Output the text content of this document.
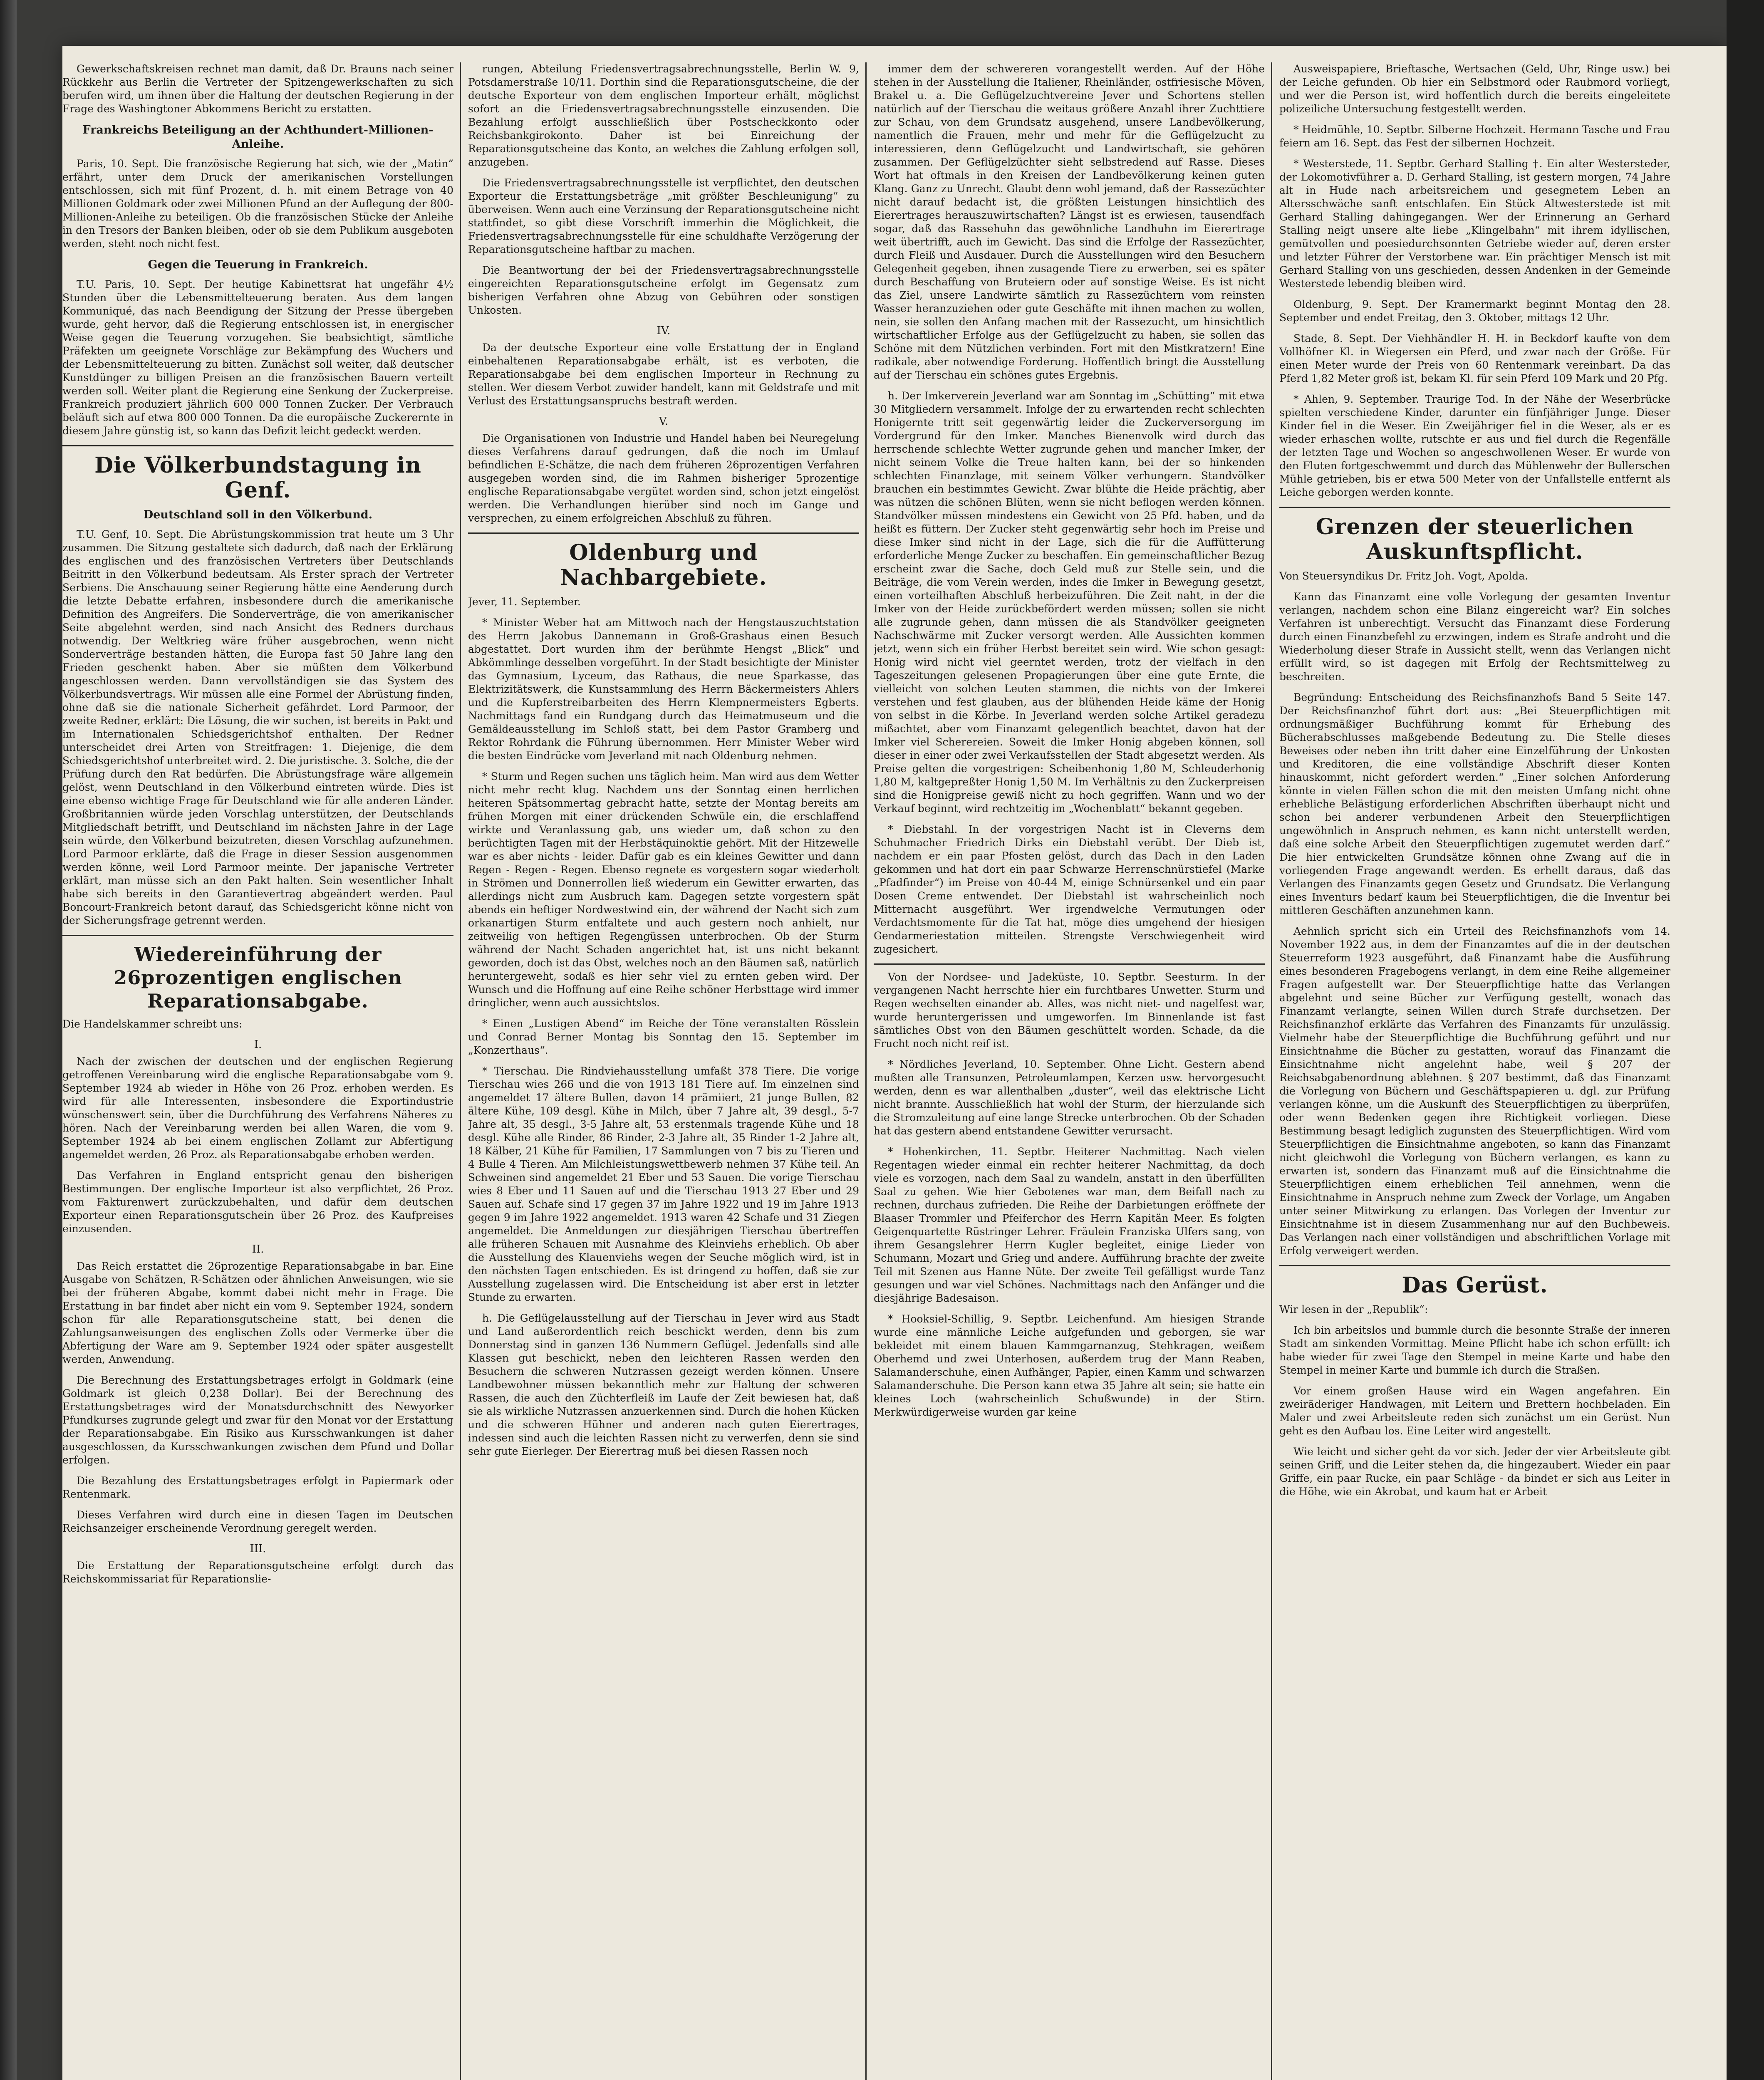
Gewerkschaftskreisen rechnet man damit, daß Dr. Brauns nach seiner Rückkehr aus Berlin die Vertreter der Spitzengewerkschaften zu sich berufen wird, um ihnen über die Haltung der deutschen Regierung in der Frage des Washingtoner Abkommens Bericht zu erstatten.

Frankreichs Beteiligung an der Achthundert-Millionen-Anleihe.

Paris, 10. Sept. Die französische Regierung hat sich, wie der „Matin“ erfährt, unter dem Druck der amerikanischen Vorstellungen entschlossen, sich mit fünf Prozent, d. h. mit einem Betrage von 40 Millionen Goldmark oder zwei Millionen Pfund an der Auflegung der 800-Millionen-Anleihe zu beteiligen. Ob die französischen Stücke der Anleihe in den Tresors der Banken bleiben, oder ob sie dem Publikum ausgeboten werden, steht noch nicht fest.

Gegen die Teuerung in Frankreich.

T.U. Paris, 10. Sept. Der heutige Kabinettsrat hat ungefähr 4½ Stunden über die Lebensmittelteuerung beraten. Aus dem langen Kommuniqué, das nach Beendigung der Sitzung der Presse übergeben wurde, geht hervor, daß die Regierung entschlossen ist, in energischer Weise gegen die Teuerung vorzugehen. Sie beabsichtigt, sämtliche Präfekten um geeignete Vorschläge zur Bekämpfung des Wuchers und der Lebensmittelteuerung zu bitten. Zunächst soll weiter, daß deutscher Kunstdünger zu billigen Preisen an die französischen Bauern verteilt werden soll. Weiter plant die Regierung eine Senkung der Zuckerpreise. Frankreich produziert jährlich 600 000 Tonnen Zucker. Der Verbrauch beläuft sich auf etwa 800 000 Tonnen. Da die europäische Zuckerernte in diesem Jahre günstig ist, so kann das Defizit leicht gedeckt werden.

Die Völkerbundstagung in Genf.
Deutschland soll in den Völkerbund.

T.U. Genf, 10. Sept. Die Abrüstungskommission trat heute um 3 Uhr zusammen. Die Sitzung gestaltete sich dadurch, daß nach der Erklärung des englischen und des französischen Vertreters über Deutschlands Beitritt in den Völkerbund bedeutsam. Als Erster sprach der Vertreter Serbiens. Die Anschauung seiner Regierung hätte eine Aenderung durch die letzte Debatte erfahren, insbesondere durch die amerikanische Definition des Angreifers. Die Sonderverträge, die von amerikanischer Seite abgelehnt werden, sind nach Ansicht des Redners durchaus notwendig. Der Weltkrieg wäre früher ausgebrochen, wenn nicht Sonderverträge bestanden hätten, die Europa fast 50 Jahre lang den Frieden geschenkt haben. Aber sie müßten dem Völkerbund angeschlossen werden. Dann vervollständigen sie das System des Völkerbundsvertrags. Wir müssen alle eine Formel der Abrüstung finden, ohne daß sie die nationale Sicherheit gefährdet. Lord Parmoor, der zweite Redner, erklärt: Die Lösung, die wir suchen, ist bereits in Pakt und im Internationalen Schiedsgerichtshof enthalten. Der Redner unterscheidet drei Arten von Streitfragen: 1. Diejenige, die dem Schiedsgerichtshof unterbreitet wird. 2. Die juristische. 3. Solche, die der Prüfung durch den Rat bedürfen. Die Abrüstungsfrage wäre allgemein gelöst, wenn Deutschland in den Völkerbund eintreten würde. Dies ist eine ebenso wichtige Frage für Deutschland wie für alle anderen Länder. Großbritannien würde jeden Vorschlag unterstützen, der Deutschlands Mitgliedschaft betrifft, und Deutschland im nächsten Jahre in der Lage sein würde, den Völkerbund beizutreten, diesen Vorschlag aufzunehmen. Lord Parmoor erklärte, daß die Frage in dieser Session ausgenommen werden könne, weil Lord Parmoor meinte. Der japanische Vertreter erklärt, man müsse sich an den Pakt halten. Sein wesentlicher Inhalt habe sich bereits in den Garantievertrag abgeändert werden. Paul Boncourt-Frankreich betont darauf, das Schiedsgericht könne nicht von der Sicherungsfrage getrennt werden.

Wiedereinführung der 26prozentigen englischen Reparationsabgabe.

Die Handelskammer schreibt uns:

I.

Nach der zwischen der deutschen und der englischen Regierung getroffenen Vereinbarung wird die englische Reparationsabgabe vom 9. September 1924 ab wieder in Höhe von 26 Proz. erhoben werden. Es wird für alle Interessenten, insbesondere die Exportindustrie wünschenswert sein, über die Durchführung des Verfahrens Näheres zu hören. Nach der Vereinbarung werden bei allen Waren, die vom 9. September 1924 ab bei einem englischen Zollamt zur Abfertigung angemeldet werden, 26 Proz. als Reparationsabgabe erhoben werden.

Das Verfahren in England entspricht genau den bisherigen Bestimmungen. Der englische Importeur ist also verpflichtet, 26 Proz. vom Fakturenwert zurückzubehalten, und dafür dem deutschen Exporteur einen Reparationsgutschein über 26 Proz. des Kaufpreises einzusenden.

II.

Das Reich erstattet die 26prozentige Reparationsabgabe in bar. Eine Ausgabe von Schätzen, R-Schätzen oder ähnlichen Anweisungen, wie sie bei der früheren Abgabe, kommt dabei nicht mehr in Frage. Die Erstattung in bar findet aber nicht ein vom 9. September 1924, sondern schon für alle Reparationsgutscheine statt, bei denen die Zahlungsanweisungen des englischen Zolls oder Vermerke über die Abfertigung der Ware am 9. September 1924 oder später ausgestellt werden, Anwendung.

Die Berechnung des Erstattungsbetrages erfolgt in Goldmark (eine Goldmark ist gleich 0,238 Dollar). Bei der Berechnung des Erstattungsbetrages wird der Monatsdurchschnitt des Newyorker Pfundkurses zugrunde gelegt und zwar für den Monat vor der Erstattung der Reparationsabgabe. Ein Risiko aus Kursschwankungen ist daher ausgeschlossen, da Kursschwankungen zwischen dem Pfund und Dollar erfolgen.

Die Bezahlung des Erstattungsbetrages erfolgt in Papiermark oder Rentenmark.

Dieses Verfahren wird durch eine in diesen Tagen im Deutschen Reichsanzeiger erscheinende Verordnung geregelt werden.

III.

Die Erstattung der Reparationsgutscheine erfolgt durch das Reichskommissariat für Reparationslie-

rungen, Abteilung Friedensvertragsabrechnungsstelle, Berlin W. 9, Potsdamerstraße 10/11. Dorthin sind die Reparationsgutscheine, die der deutsche Exporteur von dem englischen Importeur erhält, möglichst sofort an die Friedensvertragsabrechnungsstelle einzusenden. Die Bezahlung erfolgt ausschließlich über Postscheckkonto oder Reichsbankgirokonto. Daher ist bei Einreichung der Reparationsgutscheine das Konto, an welches die Zahlung erfolgen soll, anzugeben.

Die Friedensvertragsabrechnungsstelle ist verpflichtet, den deutschen Exporteur die Erstattungsbeträge „mit größter Beschleunigung“ zu überweisen. Wenn auch eine Verzinsung der Reparationsgutscheine nicht stattfindet, so gibt diese Vorschrift immerhin die Möglichkeit, die Friedensvertragsabrechnungsstelle für eine schuldhafte Verzögerung der Reparationsgutscheine haftbar zu machen.

Die Beantwortung der bei der Friedensvertragsabrechnungsstelle eingereichten Reparationsgutscheine erfolgt im Gegensatz zum bisherigen Verfahren ohne Abzug von Gebühren oder sonstigen Unkosten.

IV.

Da der deutsche Exporteur eine volle Erstattung der in England einbehaltenen Reparationsabgabe erhält, ist es verboten, die Reparationsabgabe bei dem englischen Importeur in Rechnung zu stellen. Wer diesem Verbot zuwider handelt, kann mit Geldstrafe und mit Verlust des Erstattungsanspruchs bestraft werden.

V.

Die Organisationen von Industrie und Handel haben bei Neuregelung dieses Verfahrens darauf gedrungen, daß die noch im Umlauf befindlichen E-Schätze, die nach dem früheren 26prozentigen Verfahren ausgegeben worden sind, die im Rahmen bisheriger 5prozentige englische Reparationsabgabe vergütet worden sind, schon jetzt eingelöst werden. Die Verhandlungen hierüber sind noch im Gange und versprechen, zu einem erfolgreichen Abschluß zu führen.

Oldenburg und Nachbargebiete.

Jever, 11. September.

* Minister Weber hat am Mittwoch nach der Hengstauszuchtstation des Herrn Jakobus Dannemann in Groß-Grashaus einen Besuch abgestattet. Dort wurden ihm der berühmte Hengst „Blick“ und Abkömmlinge desselben vorgeführt. In der Stadt besichtigte der Minister das Gymnasium, Lyceum, das Rathaus, die neue Sparkasse, das Elektrizitätswerk, die Kunstsammlung des Herrn Bäckermeisters Ahlers und die Kupferstreibarbeiten des Herrn Klempnermeisters Egberts. Nachmittags fand ein Rundgang durch das Heimatmuseum und die Gemäldeausstellung im Schloß statt, bei dem Pastor Gramberg und Rektor Rohrdank die Führung übernommen. Herr Minister Weber wird die besten Eindrücke vom Jeverland mit nach Oldenburg nehmen.

* Sturm und Regen suchen uns täglich heim. Man wird aus dem Wetter nicht mehr recht klug. Nachdem uns der Sonntag einen herrlichen heiteren Spätsommertag gebracht hatte, setzte der Montag bereits am frühen Morgen mit einer drückenden Schwüle ein, die erschlaffend wirkte und Veranlassung gab, uns wieder um, daß schon zu den berüchtigten Tagen mit der Herbstäquinoktie gehört. Mit der Hitzewelle war es aber nichts - leider. Dafür gab es ein kleines Gewitter und dann Regen - Regen - Regen. Ebenso regnete es vorgestern sogar wiederholt in Strömen und Donnerrollen ließ wiederum ein Gewitter erwarten, das allerdings nicht zum Ausbruch kam. Dagegen setzte vorgestern spät abends ein heftiger Nordwestwind ein, der während der Nacht sich zum orkanartigen Sturm entfaltete und auch gestern noch anhielt, nur zeitweilig von heftigen Regengüssen unterbrochen. Ob der Sturm während der Nacht Schaden angerichtet hat, ist uns nicht bekannt geworden, doch ist das Obst, welches noch an den Bäumen saß, natürlich heruntergeweht, sodaß es hier sehr viel zu ernten geben wird. Der Wunsch und die Hoffnung auf eine Reihe schöner Herbsttage wird immer dringlicher, wenn auch aussichtslos.

* Einen „Lustigen Abend“ im Reiche der Töne veranstalten Rösslein und Conrad Berner Montag bis Sonntag den 15. September im „Konzerthaus“.

* Tierschau. Die Rindviehausstellung umfaßt 378 Tiere. Die vorige Tierschau wies 266 und die von 1913 181 Tiere auf. Im einzelnen sind angemeldet 17 ältere Bullen, davon 14 prämiiert, 21 junge Bullen, 82 ältere Kühe, 109 desgl. Kühe in Milch, über 7 Jahre alt, 39 desgl., 5-7 Jahre alt, 35 desgl., 3-5 Jahre alt, 53 erstenmals tragende Kühe und 18 desgl. Kühe alle Rinder, 86 Rinder, 2-3 Jahre alt, 35 Rinder 1-2 Jahre alt, 18 Kälber, 21 Kühe für Familien, 17 Sammlungen von 7 bis zu Tieren und 4 Bulle 4 Tieren. Am Milchleistungswettbewerb nehmen 37 Kühe teil. An Schweinen sind angemeldet 21 Eber und 53 Sauen. Die vorige Tierschau wies 8 Eber und 11 Sauen auf und die Tierschau 1913 27 Eber und 29 Sauen auf. Schafe sind 17 gegen 37 im Jahre 1922 und 19 im Jahre 1913 gegen 9 im Jahre 1922 angemeldet. 1913 waren 42 Schafe und 31 Ziegen angemeldet. Die Anmeldungen zur diesjährigen Tierschau übertreffen alle früheren Schauen mit Ausnahme des Kleinviehs erheblich. Ob aber die Ausstellung des Klauenviehs wegen der Seuche möglich wird, ist in den nächsten Tagen entschieden. Es ist dringend zu hoffen, daß sie zur Ausstellung zugelassen wird. Die Entscheidung ist aber erst in letzter Stunde zu erwarten.

h. Die Geflügelausstellung auf der Tierschau in Jever wird aus Stadt und Land außerordentlich reich beschickt werden, denn bis zum Donnerstag sind in ganzen 136 Nummern Geflügel. Jedenfalls sind alle Klassen gut beschickt, neben den leichteren Rassen werden den Besuchern die schweren Nutzrassen gezeigt werden können. Unsere Landbewohner müssen bekanntlich mehr zur Haltung der schweren Rassen, die auch den Züchterfleiß im Laufe der Zeit bewiesen hat, daß sie als wirkliche Nutzrassen anzuerkennen sind. Durch die hohen Kücken und die schweren Hühner und anderen nach guten Eierertrages, indessen sind auch die leichten Rassen nicht zu verwerfen, denn sie sind sehr gute Eierleger. Der Eierertrag muß bei diesen Rassen noch

immer dem der schwereren vorangestellt werden. Auf der Höhe stehen in der Ausstellung die Italiener, Rheinländer, ostfriesische Möven, Brakel u. a. Die Geflügelzuchtvereine Jever und Schortens stellen natürlich auf der Tierschau die weitaus größere Anzahl ihrer Zuchttiere zur Schau, von dem Grundsatz ausgehend, unsere Landbevölkerung, namentlich die Frauen, mehr und mehr für die Geflügelzucht zu interessieren, denn Geflügelzucht und Landwirtschaft, sie gehören zusammen. Der Geflügelzüchter sieht selbstredend auf Rasse. Dieses Wort hat oftmals in den Kreisen der Landbevölkerung keinen guten Klang. Ganz zu Unrecht. Glaubt denn wohl jemand, daß der Rassezüchter nicht darauf bedacht ist, die größten Leistungen hinsichtlich des Eierertrages herauszuwirtschaften? Längst ist es erwiesen, tausendfach sogar, daß das Rassehuhn das gewöhnliche Landhuhn im Eierertrage weit übertrifft, auch im Gewicht. Das sind die Erfolge der Rassezüchter, durch Fleiß und Ausdauer. Durch die Ausstellungen wird den Besuchern Gelegenheit gegeben, ihnen zusagende Tiere zu erwerben, sei es später durch Beschaffung von Bruteiern oder auf sonstige Weise. Es ist nicht das Ziel, unsere Landwirte sämtlich zu Rassezüchtern vom reinsten Wasser heranzuziehen oder gute Geschäfte mit ihnen machen zu wollen, nein, sie sollen den Anfang machen mit der Rassezucht, um hinsichtlich wirtschaftlicher Erfolge aus der Geflügelzucht zu haben, sie sollen das Schöne mit dem Nützlichen verbinden. Fort mit den Mistkratzern! Eine radikale, aber notwendige Forderung. Hoffentlich bringt die Ausstellung auf der Tierschau ein schönes gutes Ergebnis.

h. Der Imkerverein Jeverland war am Sonntag im „Schütting“ mit etwa 30 Mitgliedern versammelt. Infolge der zu erwartenden recht schlechten Honigernte tritt seit gegenwärtig leider die Zuckerversorgung im Vordergrund für den Imker. Manches Bienenvolk wird durch das herrschende schlechte Wetter zugrunde gehen und mancher Imker, der nicht seinem Volke die Treue halten kann, bei der so hinkenden schlechten Finanzlage, mit seinem Völker verhungern. Standvölker brauchen ein bestimmtes Gewicht. Zwar blühte die Heide prächtig, aber was nützen die schönen Blüten, wenn sie nicht beflogen werden können. Standvölker müssen mindestens ein Gewicht von 25 Pfd. haben, und da heißt es füttern. Der Zucker steht gegenwärtig sehr hoch im Preise und diese Imker sind nicht in der Lage, sich die für die Auffütterung erforderliche Menge Zucker zu beschaffen. Ein gemeinschaftlicher Bezug erscheint zwar die Sache, doch Geld muß zur Stelle sein, und die Beiträge, die vom Verein werden, indes die Imker in Bewegung gesetzt, einen vorteilhaften Abschluß herbeizuführen. Die Zeit naht, in der die Imker von der Heide zurückbefördert werden müssen; sollen sie nicht alle zugrunde gehen, dann müssen die als Standvölker geeigneten Nachschwärme mit Zucker versorgt werden. Alle Aussichten kommen jetzt, wenn sich ein früher Herbst bereitet sein wird. Wie schon gesagt: Honig wird nicht viel geerntet werden, trotz der vielfach in den Tageszeitungen gelesenen Propagierungen über eine gute Ernte, die vielleicht von solchen Leuten stammen, die nichts von der Imkerei verstehen und fest glauben, aus der blühenden Heide käme der Honig von selbst in die Körbe. In Jeverland werden solche Artikel geradezu mißachtet, aber vom Finanzamt gelegentlich beachtet, davon hat der Imker viel Scherereien. Soweit die Imker Honig abgeben können, soll dieser in einer oder zwei Verkaufsstellen der Stadt abgesetzt werden. Als Preise gelten die vorgestrigen: Scheibenhonig 1,80 M, Schleuderhonig 1,80 M, kaltgepreßter Honig 1,50 M. Im Verhältnis zu den Zuckerpreisen sind die Honigpreise gewiß nicht zu hoch gegriffen. Wann und wo der Verkauf beginnt, wird rechtzeitig im „Wochenblatt“ bekannt gegeben.

* Diebstahl. In der vorgestrigen Nacht ist in Cleverns dem Schuhmacher Friedrich Dirks ein Diebstahl verübt. Der Dieb ist, nachdem er ein paar Pfosten gelöst, durch das Dach in den Laden gekommen und hat dort ein paar Schwarze Herrenschnürstiefel (Marke „Pfadfinder“) im Preise von 40-44 M, einige Schnürsenkel und ein paar Dosen Creme entwendet. Der Diebstahl ist wahrscheinlich noch Mitternacht ausgeführt. Wer irgendwelche Vermutungen oder Verdachtsmomente für die Tat hat, möge dies umgehend der hiesigen Gendarmeriestation mitteilen. Strengste Verschwiegenheit wird zugesichert.

Von der Nordsee- und Jadeküste, 10. Septbr. Seesturm. In der vergangenen Nacht herrschte hier ein furchtbares Unwetter. Sturm und Regen wechselten einander ab. Alles, was nicht niet- und nagelfest war, wurde heruntergerissen und umgeworfen. Im Binnenlande ist fast sämtliches Obst von den Bäumen geschüttelt worden. Schade, da die Frucht noch nicht reif ist.

* Nördliches Jeverland, 10. September. Ohne Licht. Gestern abend mußten alle Transunzen, Petroleumlampen, Kerzen usw. hervorgesucht werden, denn es war allenthalben „duster“, weil das elektrische Licht nicht brannte. Ausschließlich hat wohl der Sturm, der hierzulande sich die Stromzuleitung auf eine lange Strecke unterbrochen. Ob der Schaden hat das gestern abend entstandene Gewitter verursacht.

* Hohenkirchen, 11. Septbr. Heiterer Nachmittag. Nach vielen Regentagen wieder einmal ein rechter heiterer Nachmittag, da doch viele es vorzogen, nach dem Saal zu wandeln, anstatt in den überfüllten Saal zu gehen. Wie hier Gebotenes war man, dem Beifall nach zu rechnen, durchaus zufrieden. Die Reihe der Darbietungen eröffnete der Blaaser Trommler und Pfeiferchor des Herrn Kapitän Meer. Es folgten Geigenquartette Rüstringer Lehrer. Fräulein Franziska Ulfers sang, von ihrem Gesangslehrer Herrn Kugler begleitet, einige Lieder von Schumann, Mozart und Grieg und andere. Aufführung brachte der zweite Teil mit Szenen aus Hanne Nüte. Der zweite Teil gefälligst wurde Tanz gesungen und war viel Schönes. Nachmittags nach den Anfänger und die diesjährige Badesaison.

* Hooksiel-Schillig, 9. Septbr. Leichenfund. Am hiesigen Strande wurde eine männliche Leiche aufgefunden und geborgen, sie war bekleidet mit einem blauen Kammgarnanzug, Stehkragen, weißem Oberhemd und zwei Unterhosen, außerdem trug der Mann Reaben, Salamanderschuhe, einen Aufhänger, Papier, einen Kamm und schwarzen Salamanderschuhe. Die Person kann etwa 35 Jahre alt sein; sie hatte ein kleines Loch (wahrscheinlich Schußwunde) in der Stirn. Merkwürdigerweise wurden gar keine

Ausweispapiere, Brieftasche, Wertsachen (Geld, Uhr, Ringe usw.) bei der Leiche gefunden. Ob hier ein Selbstmord oder Raubmord vorliegt, und wer die Person ist, wird hoffentlich durch die bereits eingeleitete polizeiliche Untersuchung festgestellt werden.

* Heidmühle, 10. Septbr. Silberne Hochzeit. Hermann Tasche und Frau feiern am 16. Sept. das Fest der silbernen Hochzeit.

* Westerstede, 11. Septbr. Gerhard Stalling †. Ein alter Westersteder, der Lokomotivführer a. D. Gerhard Stalling, ist gestern morgen, 74 Jahre alt in Hude nach arbeitsreichem und gesegnetem Leben an Altersschwäche sanft entschlafen. Ein Stück Altwesterstede ist mit Gerhard Stalling dahingegangen. Wer der Erinnerung an Gerhard Stalling neigt unsere alte liebe „Klingelbahn“ mit ihrem idyllischen, gemütvollen und poesiedurchsonnten Getriebe wieder auf, deren erster und letzter Führer der Verstorbene war. Ein prächtiger Mensch ist mit Gerhard Stalling von uns geschieden, dessen Andenken in der Gemeinde Westerstede lebendig bleiben wird.

Oldenburg, 9. Sept. Der Kramermarkt beginnt Montag den 28. September und endet Freitag, den 3. Oktober, mittags 12 Uhr.

Stade, 8. Sept. Der Viehhändler H. H. in Beckdorf kaufte von dem Vollhöfner Kl. in Wiegersen ein Pferd, und zwar nach der Größe. Für einen Meter wurde der Preis von 60 Rentenmark vereinbart. Da das Pferd 1,82 Meter groß ist, bekam Kl. für sein Pferd 109 Mark und 20 Pfg.

* Ahlen, 9. September. Traurige Tod. In der Nähe der Weserbrücke spielten verschiedene Kinder, darunter ein fünfjähriger Junge. Dieser Kinder fiel in die Weser. Ein Zweijähriger fiel in die Weser, als er es wieder erhaschen wollte, rutschte er aus und fiel durch die Regenfälle der letzten Tage und Wochen so angeschwollenen Weser. Er wurde von den Fluten fortgeschwemmt und durch das Mühlenwehr der Bullerschen Mühle getrieben, bis er etwa 500 Meter von der Unfallstelle entfernt als Leiche geborgen werden konnte.

Grenzen der steuerlichen Auskunftspflicht.

Von Steuersyndikus Dr. Fritz Joh. Vogt, Apolda.

Kann das Finanzamt eine volle Vorlegung der gesamten Inventur verlangen, nachdem schon eine Bilanz eingereicht war? Ein solches Verfahren ist unberechtigt. Versucht das Finanzamt diese Forderung durch einen Finanzbefehl zu erzwingen, indem es Strafe androht und die Wiederholung dieser Strafe in Aussicht stellt, wenn das Verlangen nicht erfüllt wird, so ist dagegen mit Erfolg der Rechtsmittelweg zu beschreiten.

Begründung: Entscheidung des Reichsfinanzhofs Band 5 Seite 147. Der Reichsfinanzhof führt dort aus: „Bei Steuerpflichtigen mit ordnungsmäßiger Buchführung kommt für Erhebung des Bücherabschlusses maßgebende Bedeutung zu. Die Stelle dieses Beweises oder neben ihn tritt daher eine Einzelführung der Unkosten und Kreditoren, die eine vollständige Abschrift dieser Konten hinauskommt, nicht gefordert werden.“ „Einer solchen Anforderung könnte in vielen Fällen schon die mit den meisten Umfang nicht ohne erhebliche Belästigung erforderlichen Abschriften überhaupt nicht und schon bei anderer verbundenen Arbeit den Steuerpflichtigen ungewöhnlich in Anspruch nehmen, es kann nicht unterstellt werden, daß eine solche Arbeit den Steuerpflichtigen zugemutet werden darf.“ Die hier entwickelten Grundsätze können ohne Zwang auf die in vorliegenden Frage angewandt werden. Es erhellt daraus, daß das Verlangen des Finanzamts gegen Gesetz und Grundsatz. Die Verlangung eines Inventurs bedarf kaum bei Steuerpflichtigen, die die Inventur bei mittleren Geschäften anzunehmen kann.

Aehnlich spricht sich ein Urteil des Reichsfinanzhofs vom 14. November 1922 aus, in dem der Finanzamtes auf die in der deutschen Steuerreform 1923 ausgeführt, daß Finanzamt habe die Ausführung eines besonderen Fragebogens verlangt, in dem eine Reihe allgemeiner Fragen aufgestellt war. Der Steuerpflichtige hatte das Verlangen abgelehnt und seine Bücher zur Verfügung gestellt, wonach das Finanzamt verlangte, seinen Willen durch Strafe durchsetzen. Der Reichsfinanzhof erklärte das Verfahren des Finanzamts für unzulässig. Vielmehr habe der Steuerpflichtige die Buchführung geführt und nur Einsichtnahme die Bücher zu gestatten, worauf das Finanzamt die Einsichtnahme nicht angelehnt habe, weil § 207 der Reichsabgabenordnung ablehnen. § 207 bestimmt, daß das Finanzamt die Vorlegung von Büchern und Geschäftspapieren u. dgl. zur Prüfung verlangen könne, um die Auskunft des Steuerpflichtigen zu überprüfen, oder wenn Bedenken gegen ihre Richtigkeit vorliegen. Diese Bestimmung besagt lediglich zugunsten des Steuerpflichtigen. Wird vom Steuerpflichtigen die Einsichtnahme angeboten, so kann das Finanzamt nicht gleichwohl die Vorlegung von Büchern verlangen, es kann zu erwarten ist, sondern das Finanzamt muß auf die Einsichtnahme die Steuerpflichtigen einem erheblichen Teil annehmen, wenn die Einsichtnahme in Anspruch nehme zum Zweck der Vorlage, um Angaben unter seiner Mitwirkung zu erlangen. Das Vorlegen der Inventur zur Einsichtnahme ist in diesem Zusammenhang nur auf den Buchbeweis. Das Verlangen nach einer vollständigen und abschriftlichen Vorlage mit Erfolg verweigert werden.

Das Gerüst.

Wir lesen in der „Republik“:

Ich bin arbeitslos und bummle durch die besonnte Straße der inneren Stadt am sinkenden Vormittag. Meine Pflicht habe ich schon erfüllt: ich habe wieder für zwei Tage den Stempel in meine Karte und habe den Stempel in meiner Karte und bummle ich durch die Straßen.

Vor einem großen Hause wird ein Wagen angefahren. Ein zweiräderiger Handwagen, mit Leitern und Brettern hochbeladen. Ein Maler und zwei Arbeitsleute reden sich zunächst um ein Gerüst. Nun geht es den Aufbau los. Eine Leiter wird angestellt.

Wie leicht und sicher geht da vor sich. Jeder der vier Arbeitsleute gibt seinen Griff, und die Leiter stehen da, die hingezaubert. Wieder ein paar Griffe, ein paar Rucke, ein paar Schläge - da bindet er sich aus Leiter in die Höhe, wie ein Akrobat, und kaum hat er Arbeit
